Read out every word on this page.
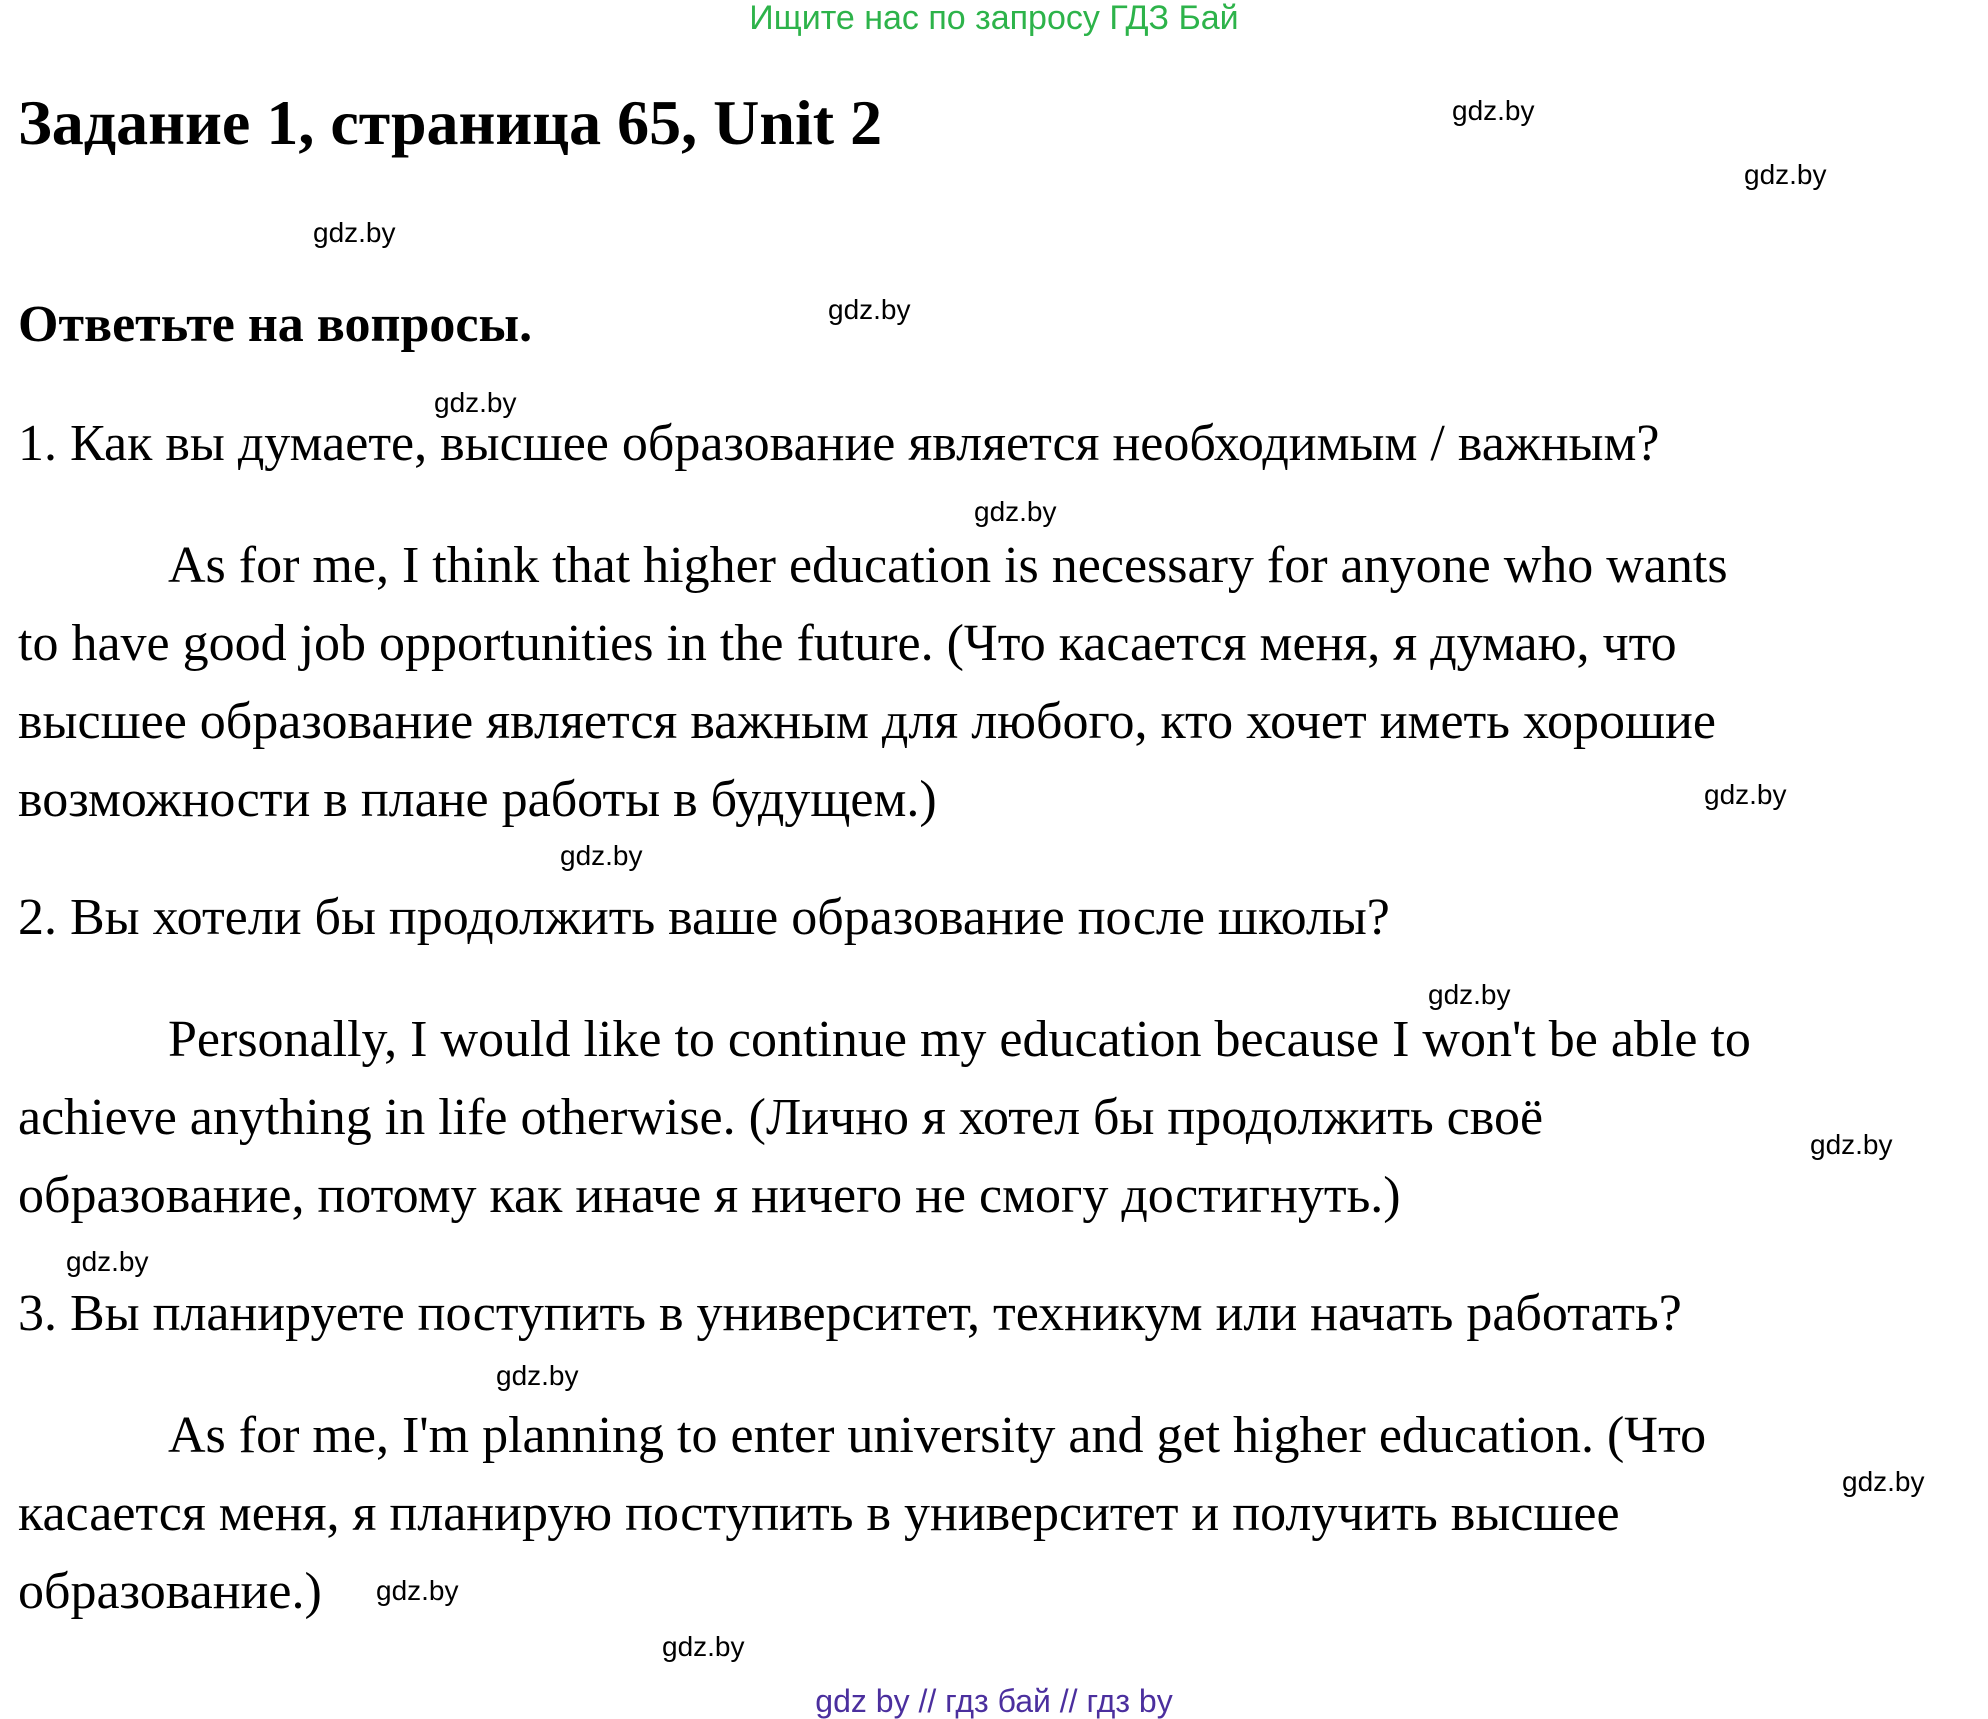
Ищите нас по запросу ГДЗ Бай
Задание 1, страница 65, Unit 2
Ответьте на вопросы.
1. Как вы думаете, высшее образование является необходимым / важным?
As for me, I think that higher education is necessary for anyone who wants
to have good job opportunities in the future. (Что касается меня, я думаю, что
высшее образование является важным для любого, кто хочет иметь хорошие
возможности в плане работы в будущем.)
2. Вы хотели бы продолжить ваше образование после школы?
Personally, I would like to continue my education because I won't be able to
achieve anything in life otherwise. (Лично я хотел бы продолжить своё
образование, потому как иначе я ничего не смогу достигнуть.)
3. Вы планируете поступить в университет, техникум или начать работать?
As for me, I'm planning to enter university and get higher education. (Что
касается меня, я планирую поступить в университет и получить высшее
образование.)
gdz.by
gdz.by
gdz.by
gdz.by
gdz.by
gdz.by
gdz.by
gdz.by
gdz.by
gdz.by
gdz.by
gdz.by
gdz.by
gdz.by
gdz.by
gdz by // гдз бай // гдз by
